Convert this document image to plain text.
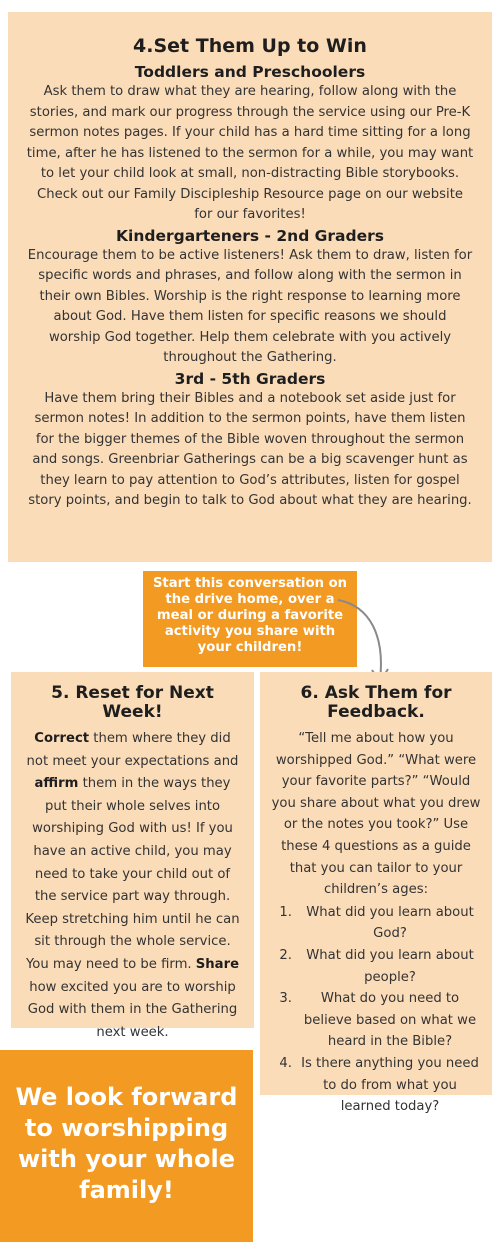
4.Set Them Up to Win
Toddlers and Preschoolers

Ask them to draw what they are hearing, follow along with the stories, and mark our progress through the service using our Pre-K sermon notes pages. If your child has a hard time sitting for a long time, after he has listened to the sermon for a while, you may want to let your child look at small, non-distracting Bible storybooks. Check out our Family Discipleship Resource page on our website for our favorites!

Kindergarteners - 2nd Graders

Encourage them to be active listeners! Ask them to draw, listen for specific words and phrases, and follow along with the sermon in their own Bibles. Worship is the right response to learning more about God. Have them listen for specific reasons we should worship God together. Help them celebrate with you actively throughout the Gathering.

3rd - 5th Graders

Have them bring their Bibles and a notebook set aside just for sermon notes! In addition to the sermon points, have them listen for the bigger themes of the Bible woven throughout the sermon and songs. Greenbriar Gatherings can be a big scavenger hunt as they learn to pay attention to God’s attributes, listen for gospel story points, and begin to talk to God about what they are hearing.

Start this conversation on the drive home, over a meal or during a favorite activity you share with your children!
5. Reset for Next Week!

Correct them where they did not meet your expectations and affirm them in the ways they put their whole selves into worshiping God with us! If you have an active child, you may need to take your child out of the service part way through. Keep stretching him until he can sit through the whole service. You may need to be firm. Share how excited you are to worship God with them in the Gathering next week.

6. Ask Them for Feedback.

“Tell me about how you worshipped God.” “What were your favorite parts?” “Would you share about what you drew or the notes you took?” Use these 4 questions as a guide that you can tailor to your children’s ages:

1.	What did you learn about God?
2.	What did you learn about people?
3.	What do you need to believe based on what we heard in the Bible?
4. Is there anything you need to do from what you learned today?
We look forward to worshipping with your whole family!
